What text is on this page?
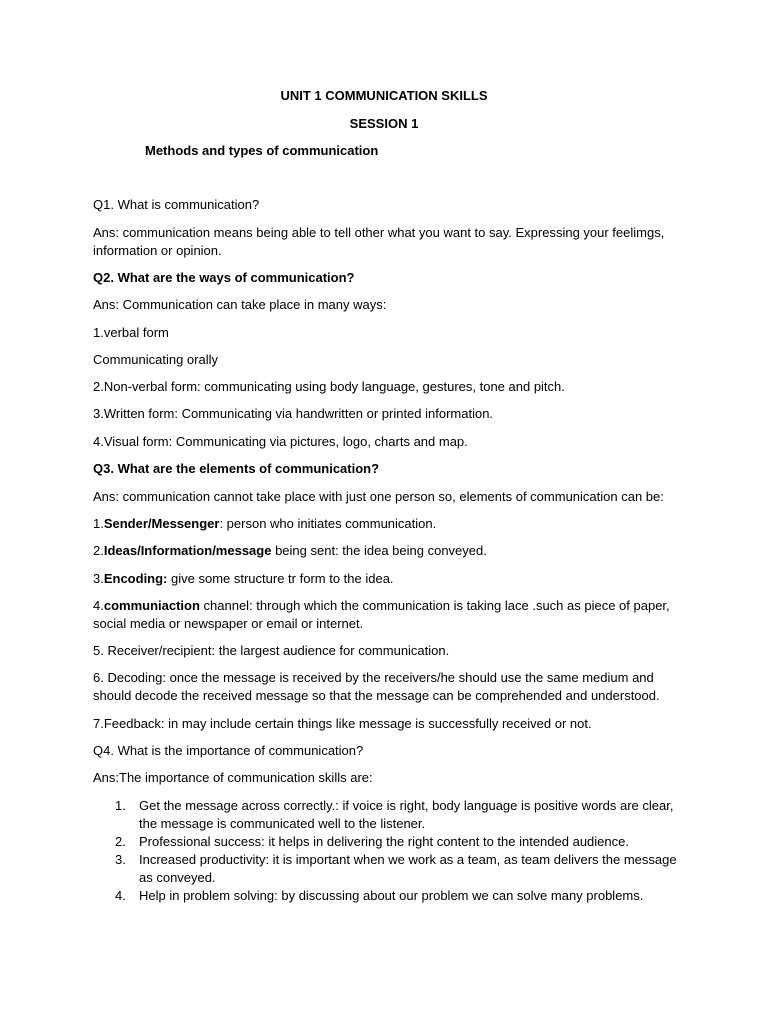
UNIT 1 COMMUNICATION SKILLS
SESSION 1

Methods and types of communication

Q1. What is communication?

Ans: communication means being able to tell other what you want to say. Expressing your feelimgs, information or opinion.

Q2. What are the ways of communication?

Ans: Communication can take place in many ways:

1.verbal form

Communicating orally

2.Non-verbal form: communicating using body language, gestures, tone and pitch.

3.Written form: Communicating via handwritten or printed information.

4.Visual form: Communicating via pictures, logo, charts and map.

Q3. What are the elements of communication?

Ans: communication cannot take place with just one person so, elements of communication can be:

1.Sender/Messenger: person who initiates communication.

2.Ideas/Information/message being sent: the idea being conveyed.

3.Encoding: give some structure tr form to the idea.

4.communiaction channel: through which the communication is taking lace .such as piece of paper, social media or newspaper or email or internet.

5. Receiver/recipient: the largest audience for communication.

6. Decoding: once the message is received by the receivers/he should use the same medium and should decode the received message so that the message can be comprehended and understood.

7.Feedback: in may include certain things like message is successfully received or not.

Q4. What is the importance of communication?

Ans:The importance of communication skills are:

1. Get the message across correctly.: if voice is right, body language is positive words are clear, the message is communicated well to the listener.
2. Professional success: it helps in delivering the right content to the intended audience.
3. Increased productivity: it is important when we work as a team, as team delivers the message as conveyed.
4. Help in problem solving: by discussing about our problem we can solve many problems.
